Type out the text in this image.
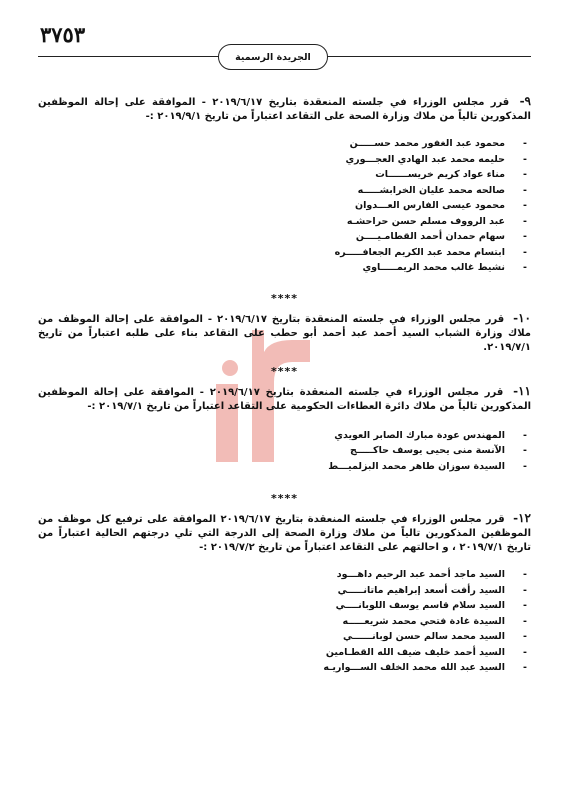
٣٧٥٣
الجريدة الرسمية

٩- قرر مجلس الوزراء في جلسته المنعقدة بتاريخ ٢٠١٩/٦/١٧ - الموافقة على إحالة الموظفين المذكورين تالياً من ملاك وزارة الصحة على التقاعد اعتباراً من تاريخ ٢٠١٩/٩/١ :-

-محمود عبد الغفور محمد حســـــن
-حليمه محمد عبد الهادي العجـــوري
-مناء عواد كريم خريســــــات
-صالحه محمد عليان الخرابشـــــه
-محمود عيسى الفارس العـــدوان
-عبد الرووف مسلم حسن حراحشـه
-سهام حمدان أحمد القطامـيــــن
-ابتسام محمد عبد الكريم الجعافـــــره
-نشيط غالب محمد الريمـــــاوي

****

١٠- قرر مجلس الوزراء في جلسته المنعقدة بتاريخ ٢٠١٩/٦/١٧ - الموافقة على إحالة الموظف من ملاك وزارة الشباب السيد أحمد عبد أحمد أبو حطب على التقاعد بناء على طلبه اعتباراً من تاريخ ٢٠١٩/٧/١.

****

١١- قرر مجلس الوزراء في جلسته المنعقدة بتاريخ ٢٠١٩/٦/١٧ - الموافقة على إحالة الموظفين المذكورين تالياً من ملاك دائرة العطاءات الحكومية على التقاعد اعتباراً من تاريخ ٢٠١٩/٧/١ :-

-المهندس عودة مبارك الصابر العويدي
-الآنسة منى يحيى يوسف حاكـــــج
-السيدة سوزان طاهر محمد البزلميـــط

****

١٢- قرر مجلس الوزراء في جلسته المنعقدة بتاريخ ٢٠١٩/٦/١٧ الموافقة على ترفيع كل موظف من الموظفين المذكورين تالياً من ملاك وزارة الصحة إلى الدرجة التي تلي درجتهم الحالية اعتباراً من تاريخ ٢٠١٩/٧/١ ، و احالتهم على التقاعد اعتباراً من تاريخ ٢٠١٩/٧/٢ :-

-السيد ماجد أحمد عبد الرحيم داهـــود
-السيد رأفت أسعد إبراهيم ماتانـــــي
-السيد سلام قاسم يوسف اللوبانــــي
-السيدة غادة فتحي محمد شريعـــــه
-السيد محمد سالم حسن لوبانــــــي
-السيد أحمد خليف ضيف الله القطـامين
-السيد عبد الله محمد الخلف الســـواريـه
